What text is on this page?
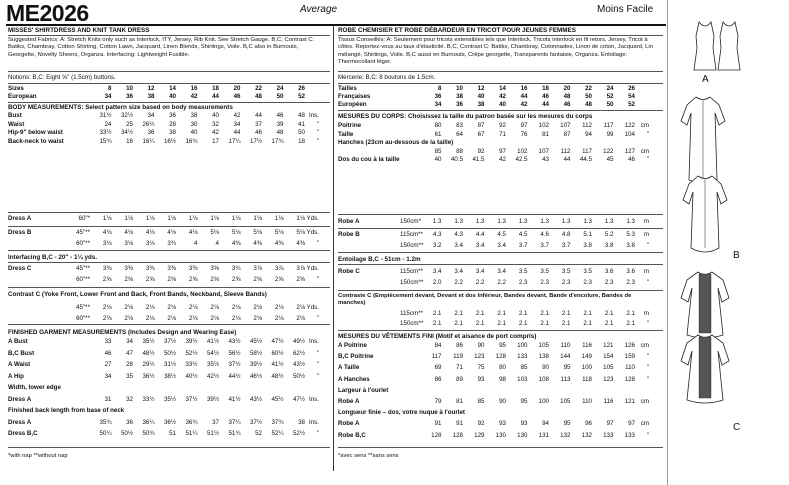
ME2026	Average	Moins Facile
MISSES' SHIRTDRESS AND KNIT TANK DRESS
Suggested Fabrics: A: Stretch Knits only such as Interlock, ITY, Jersey, Rib Knit. See Stretch Gauge. B,C, Contrast C: Batiks, Chambray, Cotton Shirting, Cotton Lawn, Jacquard, Linen Blends, Shirtings, Voile. B,C also in Burnouts, Georgette, Novelty Sheers, Organza. Interfacing: Lightweight Fusible.
Notions: B,C: Eight ⅝" (1.5cm) buttons.
Sizes	8 10 12 14 16 18 20 22 24 26
European	34 36 38 40 42 44 46 48 50 52
BODY MEASUREMENTS: Select pattern size based on body measurements
Bust	31½ 32½ 34 36 38 40 42 44 46 48 Ins.
Waist	24 25 26½ 28 30 32 34 37 39 41 "
Hip-9" below waist	33½ 34½ 36 38 40 42 44 46 48 50 "
Back-neck to waist	15¾ 16 16¼ 16½ 16¾ 17 17¼ 17½ 17¾ 18 "
Dress A	60"* 1⅛ 1⅛ 1⅛ 1⅛ 1⅛ 1⅛ 1⅛ 1⅛ 1⅛ 1⅛ Yds.
Dress B	45"** 4⅛ 4⅛ 4⅛ 4⅛ 4⅛ 5⅛ 5⅛ 5⅛ 5⅛ 5⅛ Yds.
60"** 3⅛ 3⅛ 3⅛ 3¾	4	4 4⅜ 4⅜ 4⅜ 4⅜ "
Interfacing B,C - 20" - 1¼ yds.
Dress C	45"** 3⅜ 3⅜ 3⅜ 3⅜ 3⅜ 3⅝ 3¾ 3⅞ 3⅞ 3⅞ Yds.
60"** 2⅝ 2⅝ 2⅝ 2⅝ 2⅝ 2⅝ 2⅝ 2⅝ 2⅝ 2⅝ "
Contrast C (Yoke Front, Lower Front and Back, Front Bands, Neckband, Sleeve Bands)
45"** 2⅛ 2⅛ 2⅛ 2⅛ 2⅛ 2⅛ 2⅛ 2⅛ 2⅛ 2⅛ Yds.
60"** 2⅛ 2⅛ 2⅛ 2⅛ 2⅛ 2⅛ 2⅛ 2⅛ 2⅛ 2⅛ "
FINISHED GARMENT MEASUREMENTS (Includes Design and Wearing Ease)
A Bust	33 34 35½ 37½ 39½ 41½ 43½ 45½ 47½ 49½ Ins.
B,C Bust	46 47 48½ 50½ 52½ 54½ 56½ 58½ 60½ 62½ "
A Waist	27 28 29½ 31½ 33½ 35½ 37½ 39½ 41½ 43½ "
A Hip	34 35 36½ 38½ 40½ 42½ 44½ 46½ 48½ 50½ "
Width, lower edge
Dress A	31 32 33½ 35½ 37½ 39½ 41½ 43½ 45½ 47½ Ins.
Finished back length from base of neck
Dress A	35¾ 36 36¼ 36½ 36¾ 37 37¼ 37½ 37¾ 38 Ins.
Dress B,C	50¼ 50½ 50¾ 51 51¼ 51½ 51¾ 52 52¼ 52½ "
*with nap **without nap
ROBE CHEMISIER ET ROBE DÉBARDEUR EN TRICOT POUR JEUNES FEMMES
Tissus Conseillés: A: Seulement pour tricots extensibles tels que Interlock, Tricots interlock en fil retors, Jersey, Tricot à côtes. Reportez-vous au taux d'élasticité. B,C, Contrast C: Batiks, Chambray, Cotonnades, Linon de coton, Jacquard, Lin mélangé, Shirtings, Voile. B,C aussi en Burnouts, Crêpe georgette, Transparents fantaisie, Organza. Entoilage: Thermocollant léger.
Mercerie: B,C: 8 boutons de 1.5cm.
Tailles	8 10 12 14 16 18 20 22 24 26
Françaises	36 38 40 42 44 46 48 50 52 54
Européen	34 36 38 40 42 44 46 48 50 52
MESURES DU CORPS: Choisissez la taille du patron basée sur les mesures du corps
Poitrine	80 83 87 92 97 102 107 112 117 122 cm
Taille	61 64 67 71 76 81 87 94 99 104 "
Hanches (23cm au-dessous de la taille)
85 88 92 97 102 107 112 117 122 127 cm
Dos du cou à la taille	40 40.5 41.5 42 42.5 43 44 44.5 45 46 "
Robe A	150cm* 1.3 1.3 1.3 1.3 1.3 1.3 1.3 1.3 1.3 1.3 m
Robe B	115cm** 4.3 4.3 4.4 4.5 4.5 4.6 4.8 5.1 5.2 5.3 m
150cm** 3.2 3.4 3.4 3.4 3.7 3.7 3.7 3.8 3.8 3.8 "
Entoilage B,C - 51cm - 1.2m
Robe C	115cm** 3.4 3.4 3.4 3.4 3.5 3.5 3.5 3.5 3.6 3.6 m
150cm** 2.0 2.2 2.2 2.2 2.3 2.3 2.3 2.3 2.3 2.3 "
Contraste C (Empiècement devant, Devant et dos Inférieur, Bandes devant, Bande d'encolure, Bandes de manches)
115cm** 2.1 2.1 2.1 2.1 2.1 2.1 2.1 2.1 2.1 2.1 m
150cm** 2.1 2.1 2.1 2.1 2.1 2.1 2.1 2.1 2.1 2.1 "
MESURES DU VÊTEMENTS FINI (Motif et aisance de port compris)
A Poitrine	84 86 90 95 100 105 110 116 121 126 cm
B,C Poitrine	117 119 123 128 133 138 144 149 154 159 "
A Taille	69 71 75 80 85 90 95 100 105 110 "
A Hanches	86 89 93 98 103 108 113 118 123 128 "
Largeur à l'ourlet
Robe A	79 81 85 90 95 100 105 110 116 121 cm
Longueur finie – dos, votre nuque à l'ourlet
Robe A	91 91 92 93 93 94 95 96 97 97 cm
Robe B,C	128 128 129 130 130 131 132 132 133 133 "
*avec sens **sans sens
A
B
C
